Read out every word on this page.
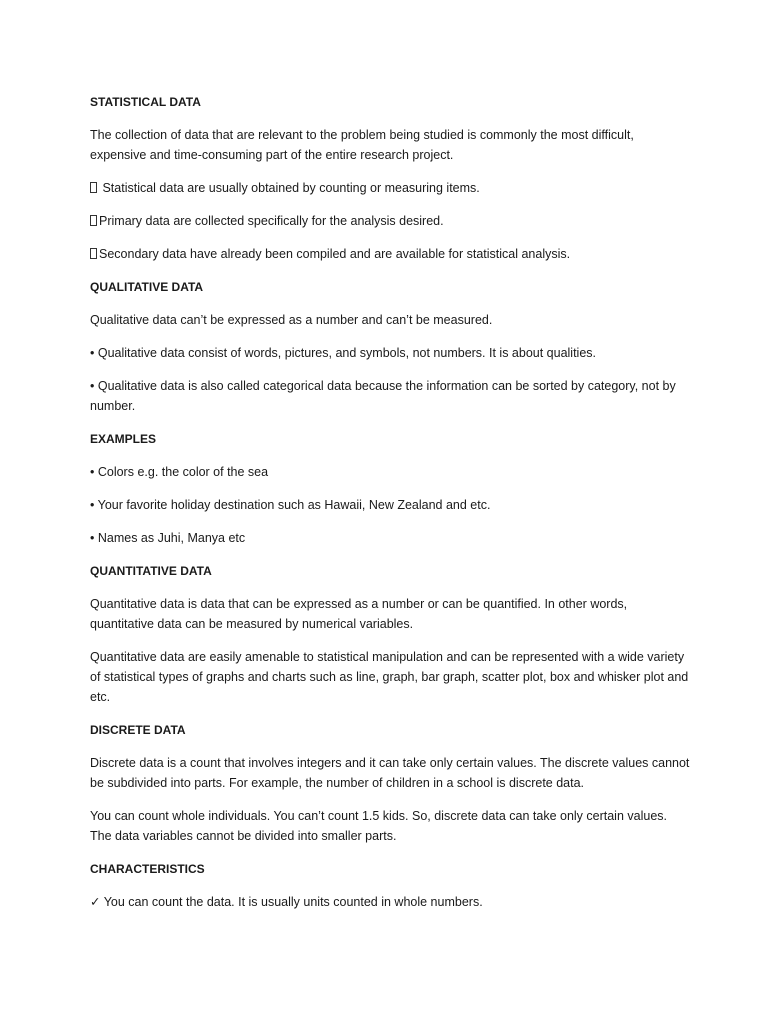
STATISTICAL DATA
The collection of data that are relevant to the problem being studied is commonly the most difficult, expensive and time-consuming part of the entire research project.
Statistical data are usually obtained by counting or measuring items.
Primary data are collected specifically for the analysis desired.
Secondary data have already been compiled and are available for statistical analysis.
QUALITATIVE DATA
Qualitative data can’t be expressed as a number and can’t be measured.
• Qualitative data consist of words, pictures, and symbols, not numbers. It is about qualities.
• Qualitative data is also called categorical data because the information can be sorted by category, not by number.
EXAMPLES
• Colors e.g. the color of the sea
• Your favorite holiday destination such as Hawaii, New Zealand and etc.
• Names as Juhi, Manya etc
QUANTITATIVE DATA
Quantitative data is data that can be expressed as a number or can be quantified. In other words, quantitative data can be measured by numerical variables.
Quantitative data are easily amenable to statistical manipulation and can be represented with a wide variety of statistical types of graphs and charts such as line, graph, bar graph, scatter plot, box and whisker plot and etc.
DISCRETE DATA
Discrete data is a count that involves integers and it can take only certain values. The discrete values cannot be subdivided into parts. For example, the number of children in a school is discrete data.
You can count whole individuals. You can’t count 1.5 kids. So, discrete data can take only certain values. The data variables cannot be divided into smaller parts.
CHARACTERISTICS
✓ You can count the data. It is usually units counted in whole numbers.
